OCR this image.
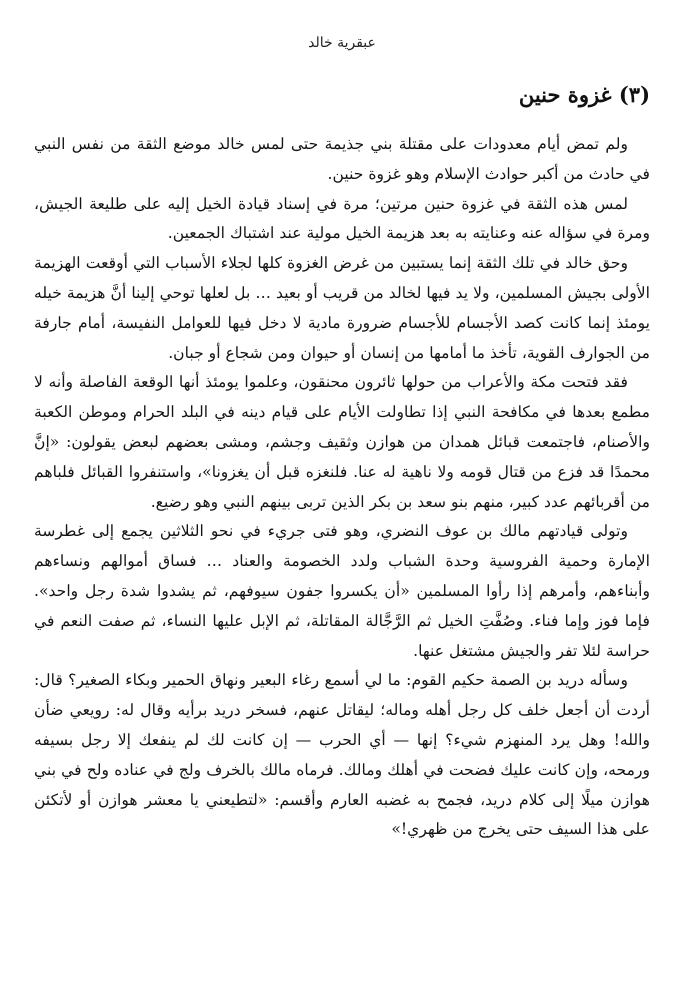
عبقرية خالد
(٣) غزوة حنين

ولم تمض أيام معدودات على مقتلة بني جذيمة حتى لمس خالد موضع الثقة من نفس النبي في حادث من أكبر حوادث الإسلام وهو غزوة حنين.

لمس هذه الثقة في غزوة حنين مرتين؛ مرة في إسناد قيادة الخيل إليه على طليعة الجيش، ومرة في سؤاله عنه وعنايته به بعد هزيمة الخيل مولية عند اشتباك الجمعين.

وحق خالد في تلك الثقة إنما يستبين من غرض الغزوة كلها لجلاء الأسباب التي أوقعت الهزيمة الأولى بجيش المسلمين، ولا يد فيها لخالد من قريب أو بعيد … بل لعلها توحي إلينا أنَّ هزيمة خيله يومئذ إنما كانت كصد الأجسام للأجسام ضرورة مادية لا دخل فيها للعوامل النفيسة، أمام جارفة من الجوارف القوية، تأخذ ما أمامها من إنسان أو حيوان ومن شجاع أو جبان.

فقد فتحت مكة والأعراب من حولها ثائرون محنقون، وعلموا يومئذ أنها الوقعة الفاصلة وأنه لا مطمع بعدها في مكافحة النبي إذا تطاولت الأيام على قيام دينه في البلد الحرام وموطن الكعبة والأصنام، فاجتمعت قبائل همدان من هوازن وثقيف وجشم، ومشى بعضهم لبعض يقولون: «إنَّ محمدًا قد فزع من قتال قومه ولا ناهية له عنا. فلنغزه قبل أن يغزونا»، واستنفروا القبائل فلباهم من أقربائهم عدد كبير، منهم بنو سعد بن بكر الذين تربى بينهم النبي وهو رضيع.

وتولى قيادتهم مالك بن عوف النضري، وهو فتى جريء في نحو الثلاثين يجمع إلى غطرسة الإمارة وحمية الفروسية وحدة الشباب ولدد الخصومة والعناد … فساق أموالهم ونساءهم وأبناءهم، وأمرهم إذا رأوا المسلمين «أن يكسروا جفون سيوفهم، ثم يشدوا شدة رجل واحد». فإما فوز وإما فناء. وصُفَّتِ الخيل ثم الرَّجَّالة المقاتلة، ثم الإبل عليها النساء، ثم صفت النعم في حراسة لئلا تفر والجيش مشتغل عنها.

وسأله دريد بن الصمة حكيم القوم: ما لي أسمع رغاء البعير ونهاق الحمير وبكاء الصغير؟ قال: أردت أن أجعل خلف كل رجل أهله وماله؛ ليقاتل عنهم، فسخر دريد برأيه وقال له: رويعي ضأن والله! وهل يرد المنهزم شيء؟ إنها — أي الحرب — إن كانت لك لم ينفعك إلا رجل بسيفه ورمحه، وإن كانت عليك فضحت في أهلك ومالك. فرماه مالك بالخرف ولج في عناده ولح في بني هوازن ميلًا إلى كلام دريد، فجمح به غضبه العارم وأقسم: «لتطيعني يا معشر هوازن أو لأتكئن على هذا السيف حتى يخرج من ظهري!»
